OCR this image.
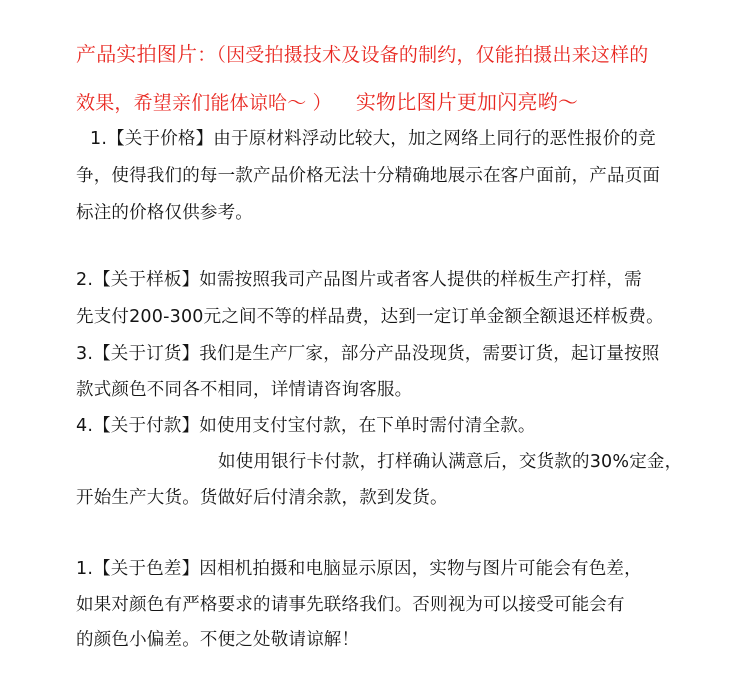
产品实拍图片：（因受拍摄技术及设备的制约，仅能拍摄出来这样的
效果，希望亲们能体谅哈～ ） 实物比图片更加闪亮哟～
1.【关于价格】由于原材料浮动比较大，加之网络上同行的恶性报价的竞
争，使得我们的每一款产品价格无法十分精确地展示在客户面前，产品页面
标注的价格仅供参考。
2.【关于样板】如需按照我司产品图片或者客人提供的样板生产打样，需
先支付200-300元之间不等的样品费，达到一定订单金额全额退还样板费。
3.【关于订货】我们是生产厂家，部分产品没现货，需要订货，起订量按照
款式颜色不同各不相同，详情请咨询客服。
4.【关于付款】如使用支付宝付款，在下单时需付清全款。
如使用银行卡付款，打样确认满意后，交货款的30%定金，
开始生产大货。货做好后付清余款，款到发货。
1.【关于色差】因相机拍摄和电脑显示原因，实物与图片可能会有色差，
如果对颜色有严格要求的请事先联络我们。否则视为可以接受可能会有
的颜色小偏差。不便之处敬请谅解！
